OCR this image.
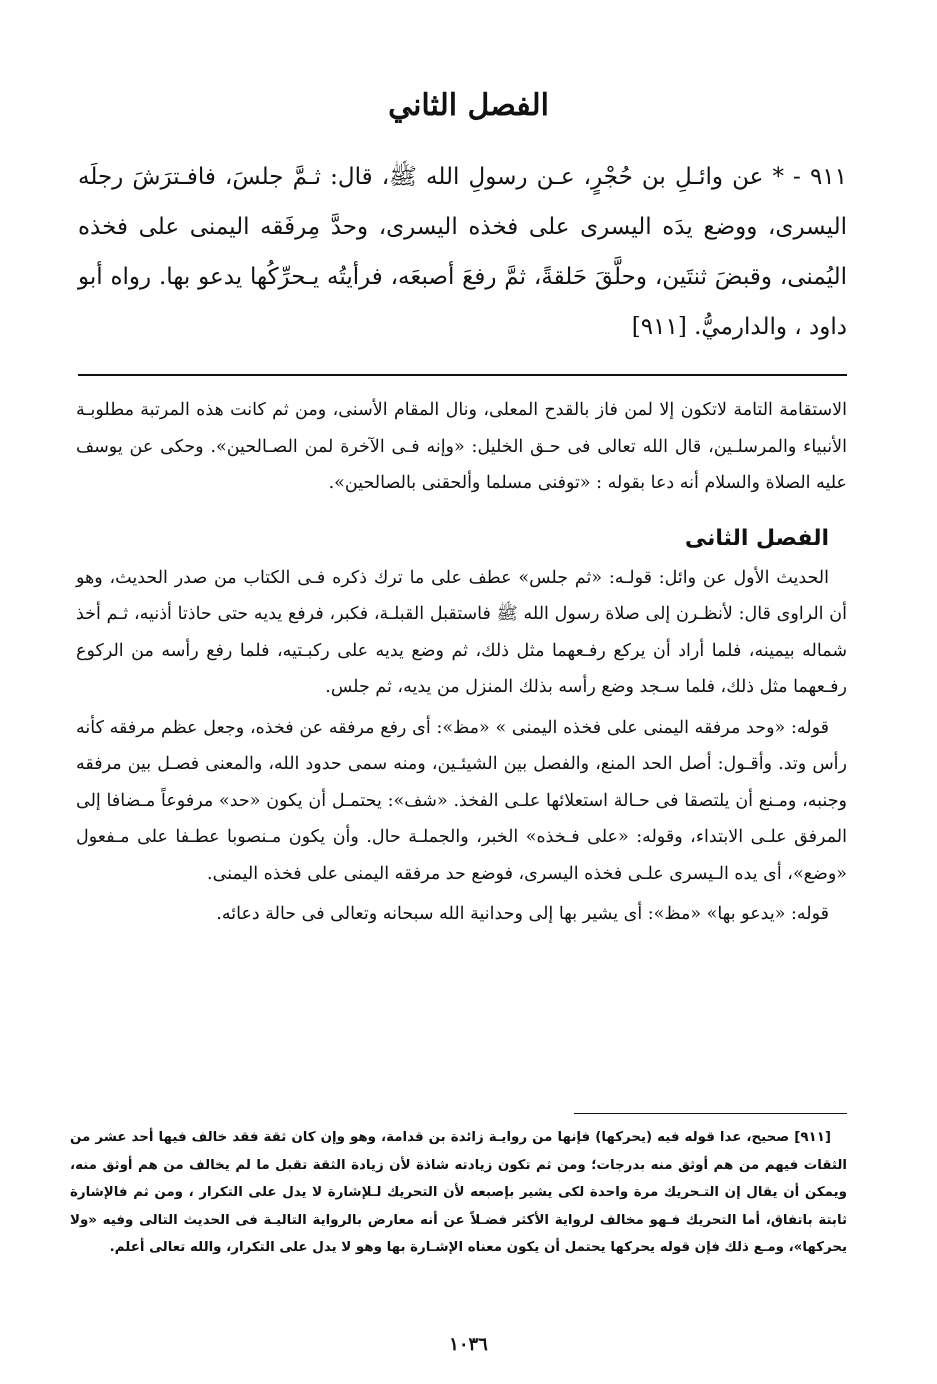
الفصل الثاني
٩١١ - * عن وائـلِ بن حُجْرٍ، عـن رسولِ الله ﷺ، قال: ثـمَّ جلسَ، فافـترَشَ رجلَه اليسرى، ووضع يدَه اليسرى على فخذه اليسرى، وحدَّ مِرفَقه اليمنى على فخذه اليُمنى، وقبضَ ثنتَين، وحلَّقَ حَلقةً، ثمَّ رفعَ أصبعَه، فرأيتُه يـحرِّكُها يدعو بها. رواه أبو داود ، والدارميُّ. [٩١١]

الاستقامة التامة لاتكون إلا لمن فاز بالقدح المعلى، ونال المقام الأسنى، ومن ثم كانت هذه المرتبة مطلوبـة الأنبياء والمرسلـين، قال الله تعالى فى حـق الخليل: «وإنه فـى الآخرة لمن الصـالحين». وحكى عن يوسف عليه الصلاة والسلام أنه دعا بقوله : «توفنى مسلما وألحقنى بالصالحين».

الفصل الثانى

الحديث الأول عن وائل: قولـه: «ثم جلس» عطف على ما ترك ذكره فـى الكتاب من صدر الحديث، وهو أن الراوى قال: لأنظـرن إلى صلاة رسول الله ﷺ فاستقبل القبلـة، فكبر، فرفع يديه حتى حاذتا أذنيه، ثـم أخذ شماله بيمينه، فلما أراد أن يركع رفـعهما مثل ذلك، ثم وضع يديه على ركبـتيه، فلما رفع رأسه من الركوع رفـعهما مثل ذلك، فلما سـجد وضع رأسه بذلك المنزل من يديه، ثم جلس.

قوله: «وحد مرفقه اليمنى على فخذه اليمنى » «مظ»: أى رفع مرفقه عن فخذه، وجعل عظم مرفقه كأنه رأس وتد. وأقـول: أصل الحد المنع، والفصل بين الشيئـين، ومنه سمى حدود الله، والمعنى فصـل بين مرفقه وجنبه، ومـنع أن يلتصقا فى حـالة استعلائها علـى الفخذ. «شف»: يحتمـل أن يكون «حد» مرفوعاً مـضافا إلى المرفق علـى الابتداء، وقوله: «على فـخذه» الخبر، والجملـة حال. وأن يكون مـنصوبا عطـفا على مـفعول «وضع»، أى يده الـيسرى علـى فخذه اليسرى، فوضع حد مرفقه اليمنى على فخذه اليمنى.

قوله: «يدعو بها» «مظ»: أى يشير بها إلى وحدانية الله سبحانه وتعالى فى حالة دعائه.

[٩١١] صحيح، عدا قوله فيه (يحركها) فإنها من روايـة زائدة بن قدامة، وهو وإن كان ثقة فقد خالف فيها أحد عشر من الثقات فيهم من هم أوثق منه بدرجات؛ ومن ثم تكون زيادته شاذة لأن زيادة الثقة تقبل ما لم يخالف من هم أوثق منه، ويمكن أن يقال إن التـحريك مرة واحدة لكى يشير بإصبعه لأن التحريك لـلإشارة لا يدل على التكرار ، ومن ثم فالإشارة ثابتة باتفاق، أما التحريك فـهو مخالف لرواية الأكثر فضـلاً عن أنه معارض بالرواية التاليـة فى الحديث التالى وفيه «ولا يحركها»، ومـع ذلك فإن قوله يحركها يحتمل أن يكون معناه الإشـارة بها وهو لا يدل على التكرار، والله تعالى أعلم.

١٠٣٦
